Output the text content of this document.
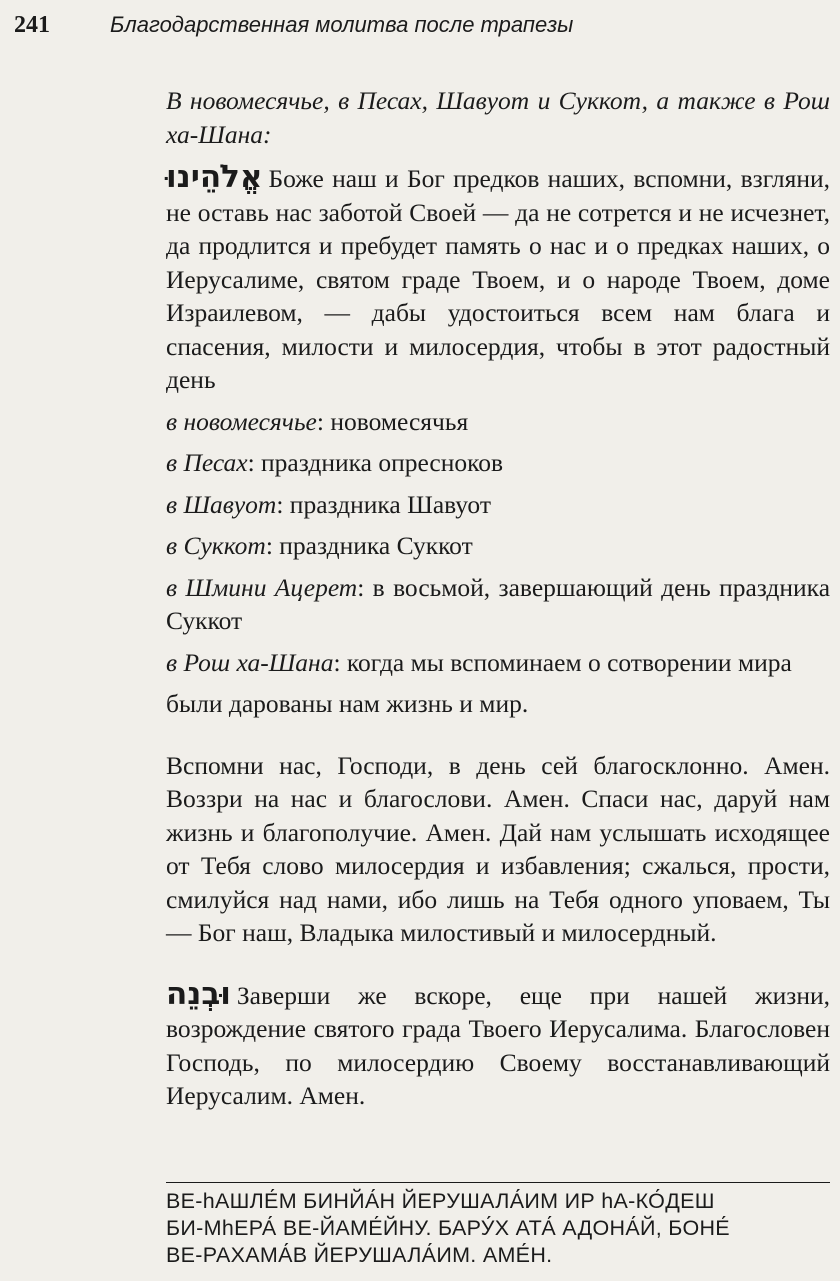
241	Благодарственная молитва после трапезы

В новомесячье, в Песах, Шавуот и Суккот, а также в Рош ха-Шана:

אֱלֹהֵינוּ Боже наш и Бог предков наших, вспомни, взгляни, не оставь нас заботой Своей — да не сотрется и не исчезнет, да продлится и пребудет память о нас и о предках наших, о Иерусалиме, святом граде Твоем, и о народе Твоем, доме Израилевом, — дабы удостоиться всем нам блага и спасения, милости и милосердия, чтобы в этот радостный день

в новомесячье: новомесячья

в Песах: праздника опресноков

в Шавуот: праздника Шавуот

в Суккот: праздника Суккот

в Шмини Ацерет: в восьмой, завершающий день праздника Суккот

в Рош ха-Шана: когда мы вспоминаем о сотворении мира

были дарованы нам жизнь и мир.

Вспомни нас, Господи, в день сей благосклонно. Амен. Воззри на нас и благослови. Амен. Спаси нас, даруй нам жизнь и благополучие. Амен. Дай нам услышать исходящее от Тебя слово милосердия и избавления; сжалься, прости, смилуйся над нами, ибо лишь на Тебя одного уповаем, Ты — Бог наш, Владыка милостивый и милосердный.

וּבְנֵה Заверши же вскоре, еще при нашей жизни, возрождение святого града Твоего Иерусалима. Благословен Господь, по милосердию Своему восстанавливающий Иерусалим. Амен.

ВЕ-hАШЛЕ́М БИНЙА́Н ЙЕРУШАЛА́ИМ ИР hА-КО́ДЕШ
БИ-МhЕРА́ ВЕ-ЙАМЕ́ЙНУ. БАРУ́Х АТА́ АДОНА́Й, БОНЕ́
ВЕ-РАХАМА́В ЙЕРУШАЛА́ИМ. АМЕ́Н.
